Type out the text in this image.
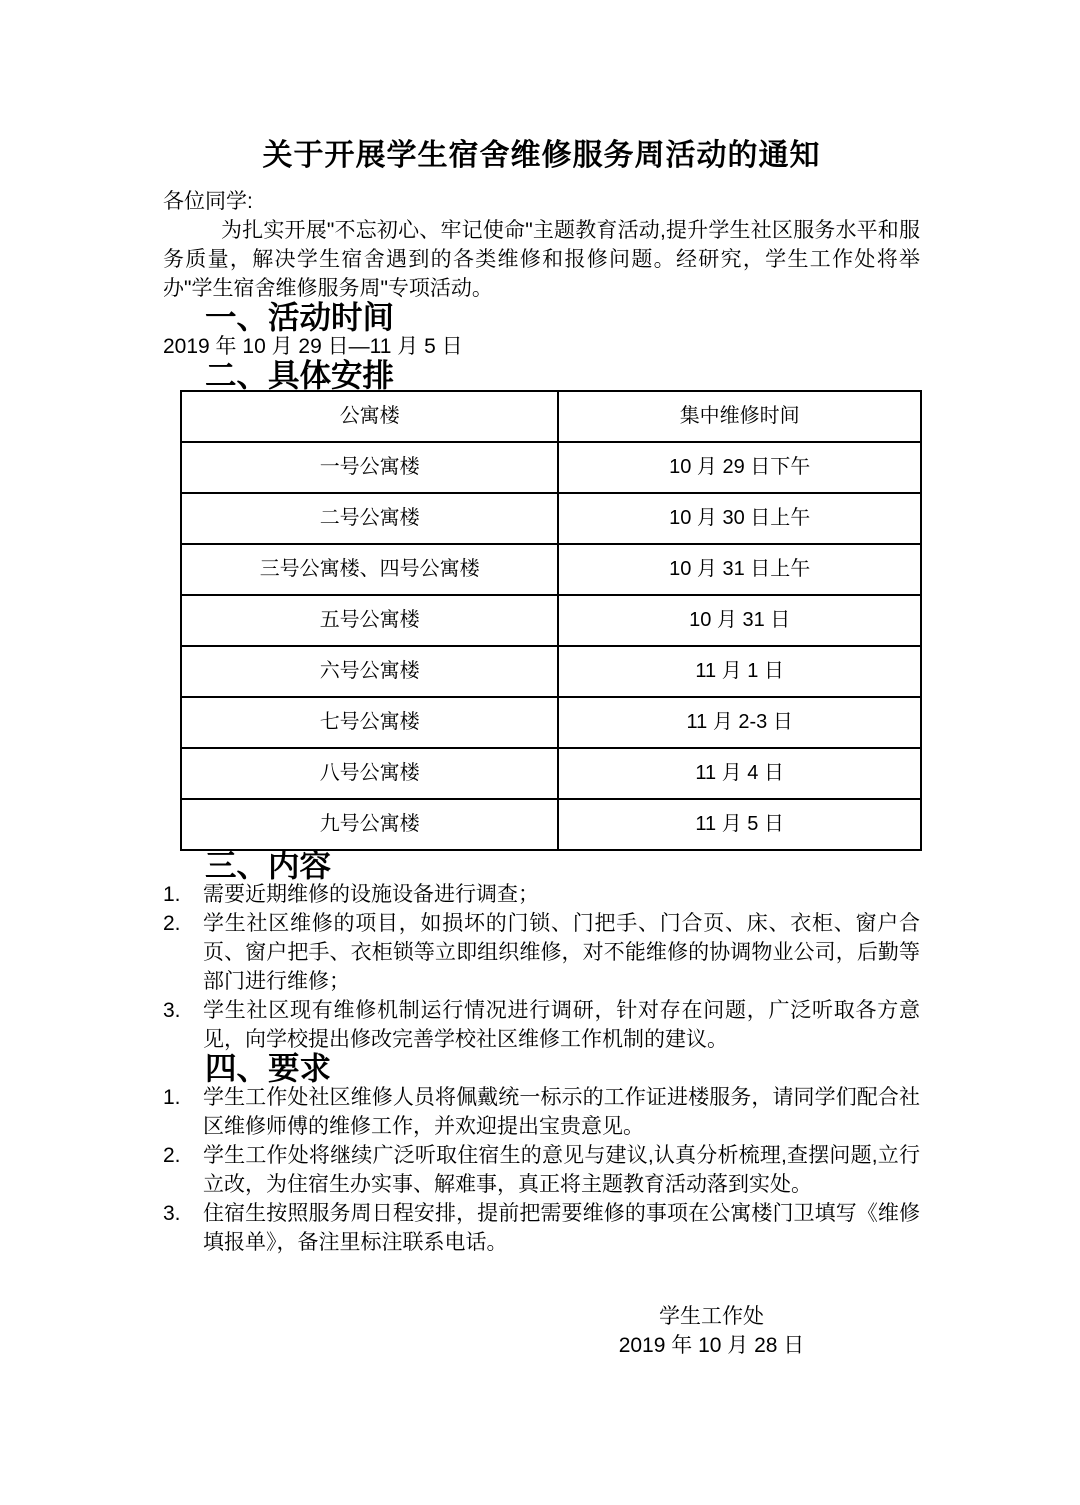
关于开展学生宿舍维修服务周活动的通知

各位同学:

为扎实开展"不忘初心、牢记使命"主题教育活动,提升学生社区服务水平和服务质量，解决学生宿舍遇到的各类维修和报修问题。经研究，学生工作处将举办"学生宿舍维修服务周"专项活动。

一、活动时间

2019 年 10 月 29 日—11 月 5 日

二、具体安排
公寓楼	集中维修时间
一号公寓楼	10 月 29 日下午
二号公寓楼	10 月 30 日上午
三号公寓楼、四号公寓楼	10 月 31 日上午
五号公寓楼	10 月 31 日
六号公寓楼	11 月 1 日
七号公寓楼	11 月 2-3 日
八号公寓楼	11 月 4 日
九号公寓楼	11 月 5 日
三、内容
1.	需要近期维修的设施设备进行调查；
2.	学生社区维修的项目，如损坏的门锁、门把手、门合页、床、衣柜、窗户合页、窗户把手、衣柜锁等立即组织维修，对不能维修的协调物业公司，后勤等部门进行维修；
3.	学生社区现有维修机制运行情况进行调研，针对存在问题，广泛听取各方意见，向学校提出修改完善学校社区维修工作机制的建议。
四、要求
1.	学生工作处社区维修人员将佩戴统一标示的工作证进楼服务，请同学们配合社区维修师傅的维修工作，并欢迎提出宝贵意见。
2.	学生工作处将继续广泛听取住宿生的意见与建议,认真分析梳理,查摆问题,立行立改，为住宿生办实事、解难事，真正将主题教育活动落到实处。
3.	住宿生按照服务周日程安排，提前把需要维修的事项在公寓楼门卫填写《维修填报单》，备注里标注联系电话。
学生工作处
2019 年 10 月 28 日
